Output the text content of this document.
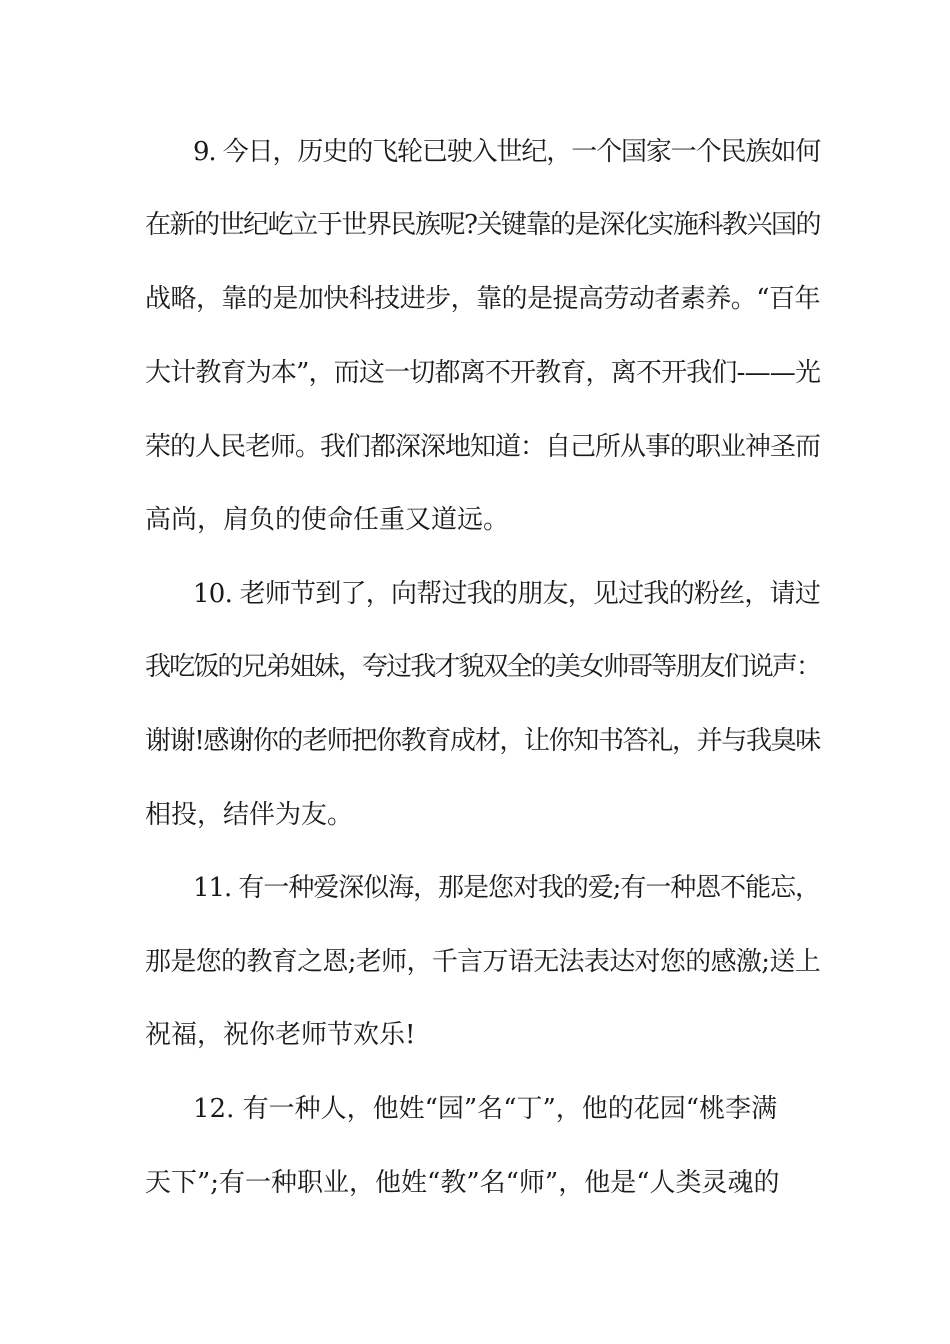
9. 今日，历史的飞轮已驶入世纪，一个国家一个民族如何
在新的世纪屹立于世界民族呢?关键靠的是深化实施科教兴国的
战略，靠的是加快科技进步，靠的是提高劳动者素养。“百年
大计教育为本”，而这一切都离不开教育，离不开我们-——光
荣的人民老师。我们都深深地知道：自己所从事的职业神圣而
高尚，肩负的使命任重又道远。
10. 老师节到了，向帮过我的朋友，见过我的粉丝，请过
我吃饭的兄弟姐妹，夸过我才貌双全的美女帅哥等朋友们说声：
谢谢!感谢你的老师把你教育成材，让你知书答礼，并与我臭味
相投，结伴为友。
11. 有一种爱深似海，那是您对我的爱;有一种恩不能忘，
那是您的教育之恩;老师，千言万语无法表达对您的感激;送上
祝福，祝你老师节欢乐!
12. 有一种人，他姓“园”名“丁”，他的花园“桃李满
天下”;有一种职业，他姓“教”名“师”，他是“人类灵魂的
